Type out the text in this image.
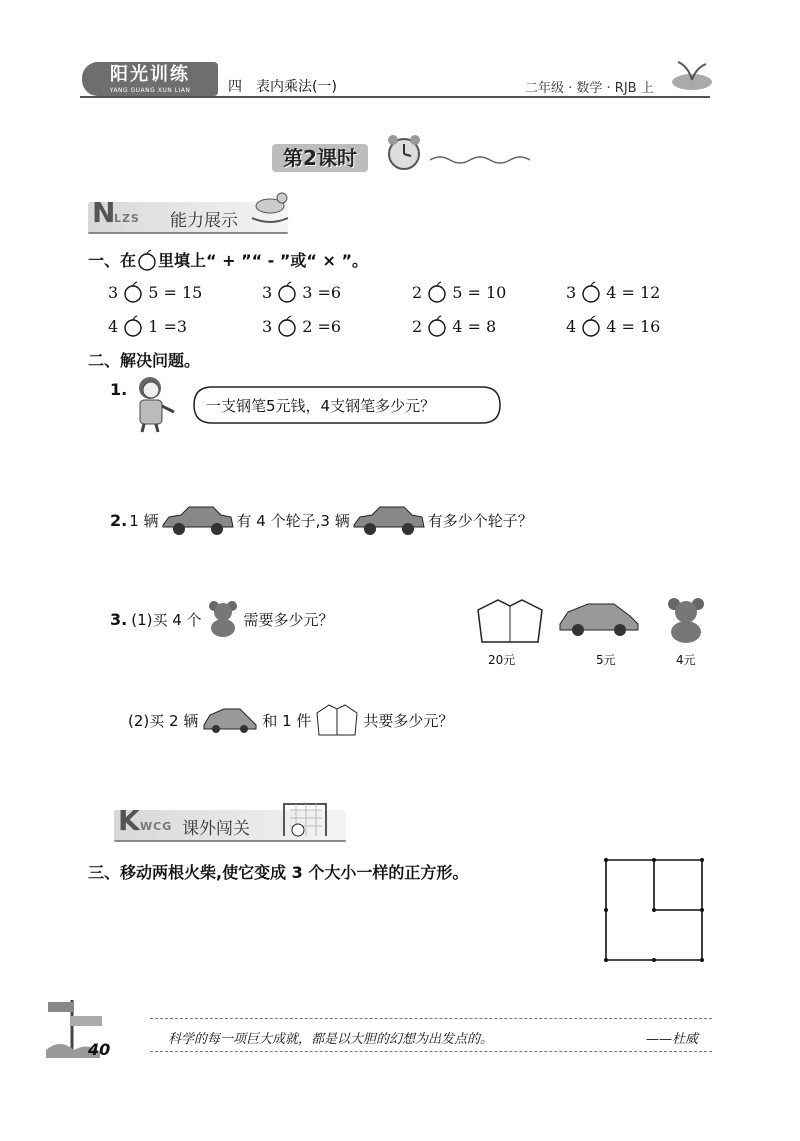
阳光训练
YANG GUANG XUN LIAN	四　表内乘法(一)	二年级 · 数学 · RJB 上
第2课时
N
LZS 能力展示
一、在 里填上“ + ”“ - ”或“ × ”。
3 5 = 15	3 3 =6	2 5 = 10	3 4 = 12
4 1 =3	3 2 =6	2 4 = 8	4 4 = 16
二、解决问题。
1.
一支钢笔5元钱，4支钢笔多少元？
2. 1 辆	有 4 个轮子,3 辆	有多少个轮子？
3. (1)买 4 个	需要多少元？
20元	5元	4元
(2)买 2 辆	和 1 件	共要多少元？
K WCG 课外闯关
三、移动两根火柴,使它变成 3 个大小一样的正方形。
40
科学的每一项巨大成就，都是以大胆的幻想为出发点的。	——杜威
